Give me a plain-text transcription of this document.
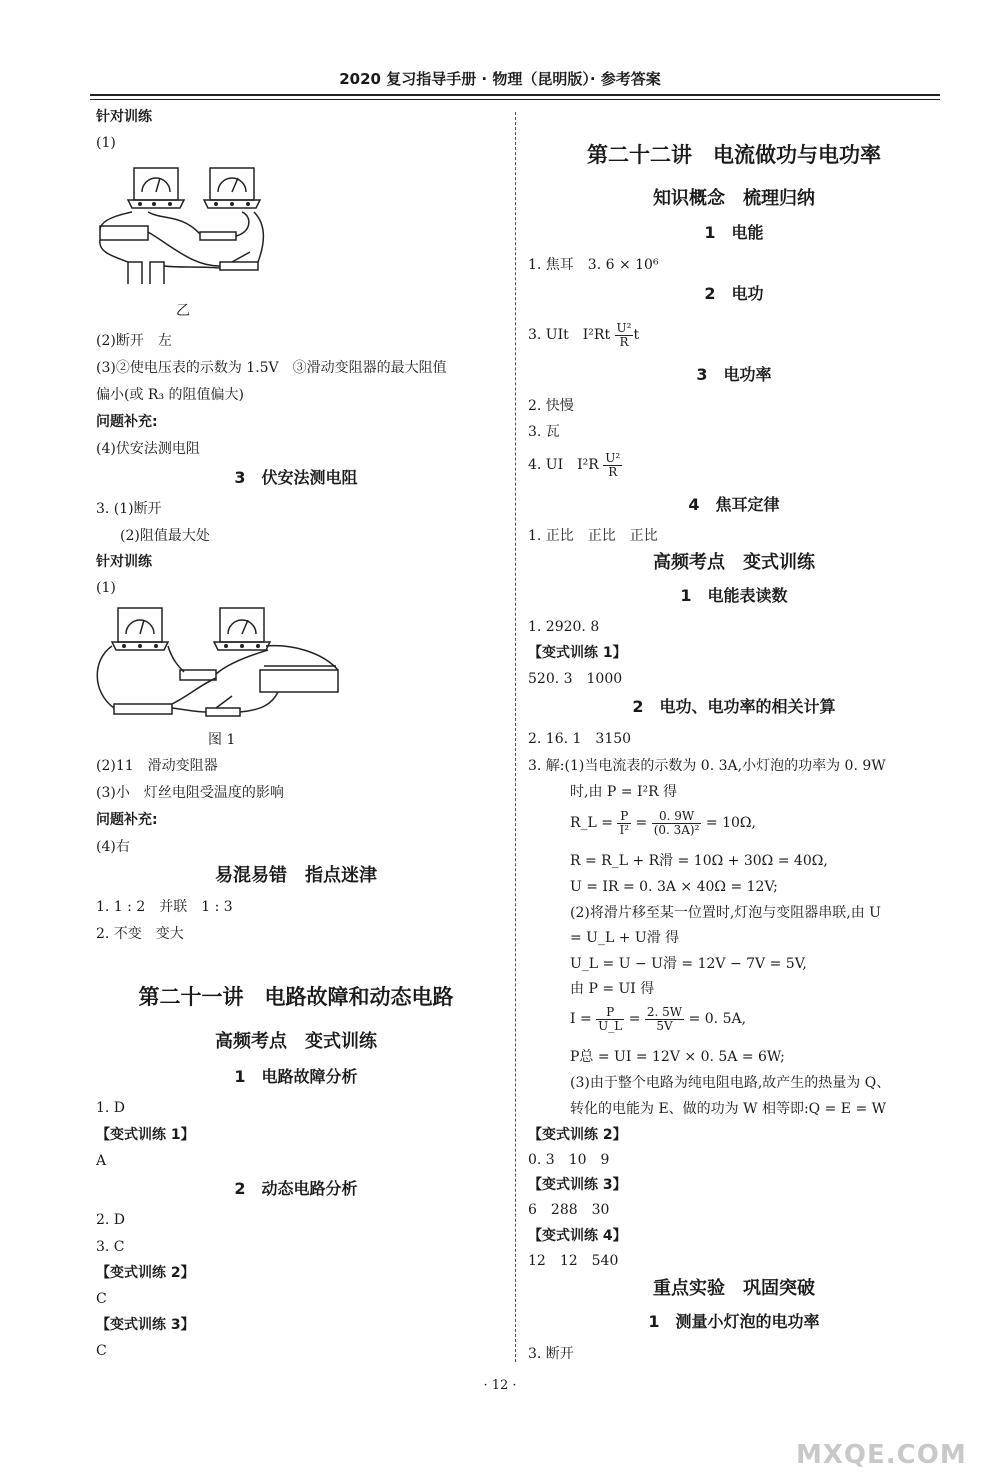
2020 复习指导手册 · 物理（昆明版）· 参考答案
针对训练
(1)
乙
(2)断开　左
(3)②使电压表的示数为 1.5V　③滑动变阻器的最大阻值
偏小(或 R₃ 的阻值偏大)
问题补充:
(4)伏安法测电阻
3　伏安法测电阻
3. (1)断开
(2)阻值最大处
针对训练
(1)
图 1
(2)11　滑动变阻器
(3)小　灯丝电阻受温度的影响
问题补充:
(4)右
易混易错　指点迷津
1. 1 : 2　并联　1 : 3
2. 不变　变大
第二十一讲　电路故障和动态电路
高频考点　变式训练
1　电路故障分析
1. D
【变式训练 1】
A
2　动态电路分析
2. D
3. C
【变式训练 2】
C
【变式训练 3】
C
第二十二讲　电流做功与电功率
知识概念　梳理归纳
1　电能
1. 焦耳　3. 6 × 10⁶
2　电功
3. UIt　$I^2Rt \frac{\text{U²}}{R}$ t
3　电功率
2. 快慢
3. 瓦
4. UI　$I^2R \frac{\text{U²}}{R}$
4　焦耳定律
1. 正比　正比　正比
高频考点　变式训练
1　电能表读数
1. 2920. 8
【变式训练 1】
520. 3　1000
2　电功、电功率的相关计算
2. 16. 1　3150
3. 解:(1)当电流表的示数为 0. 3A,小灯泡的功率为 0. 9W
时,由 P = I²R 得
R_L = $\frac{P}{\text{I²}} = \frac{0. 9W}{\text{(0. 3A)²}} = 10\Omega$,
R = R_L + R滑 = 10Ω + 30Ω = 40Ω,
U = IR = 0. 3A × 40Ω = 12V;
(2)将滑片移至某一位置时,灯泡与变阻器串联,由 U
= U_L + U滑 得
U_L = U − U滑 = 12V − 7V = 5V,
由 P = UI 得
$I = \frac{P}{U\_L} = \frac{2. 5W}{5V} = 0$. 5A,
P总 = UI = 12V × 0. 5A = 6W;
(3)由于整个电路为纯电阻电路,故产生的热量为 Q、
转化的电能为 E、做的功为 W 相等即:Q = E = W
【变式训练 2】
0. 3　10　9
【变式训练 3】
6　288　30
【变式训练 4】
12　12　540
重点实验　巩固突破
1　测量小灯泡的电功率
3. 断开
· 12 ·
MXQE.COM
